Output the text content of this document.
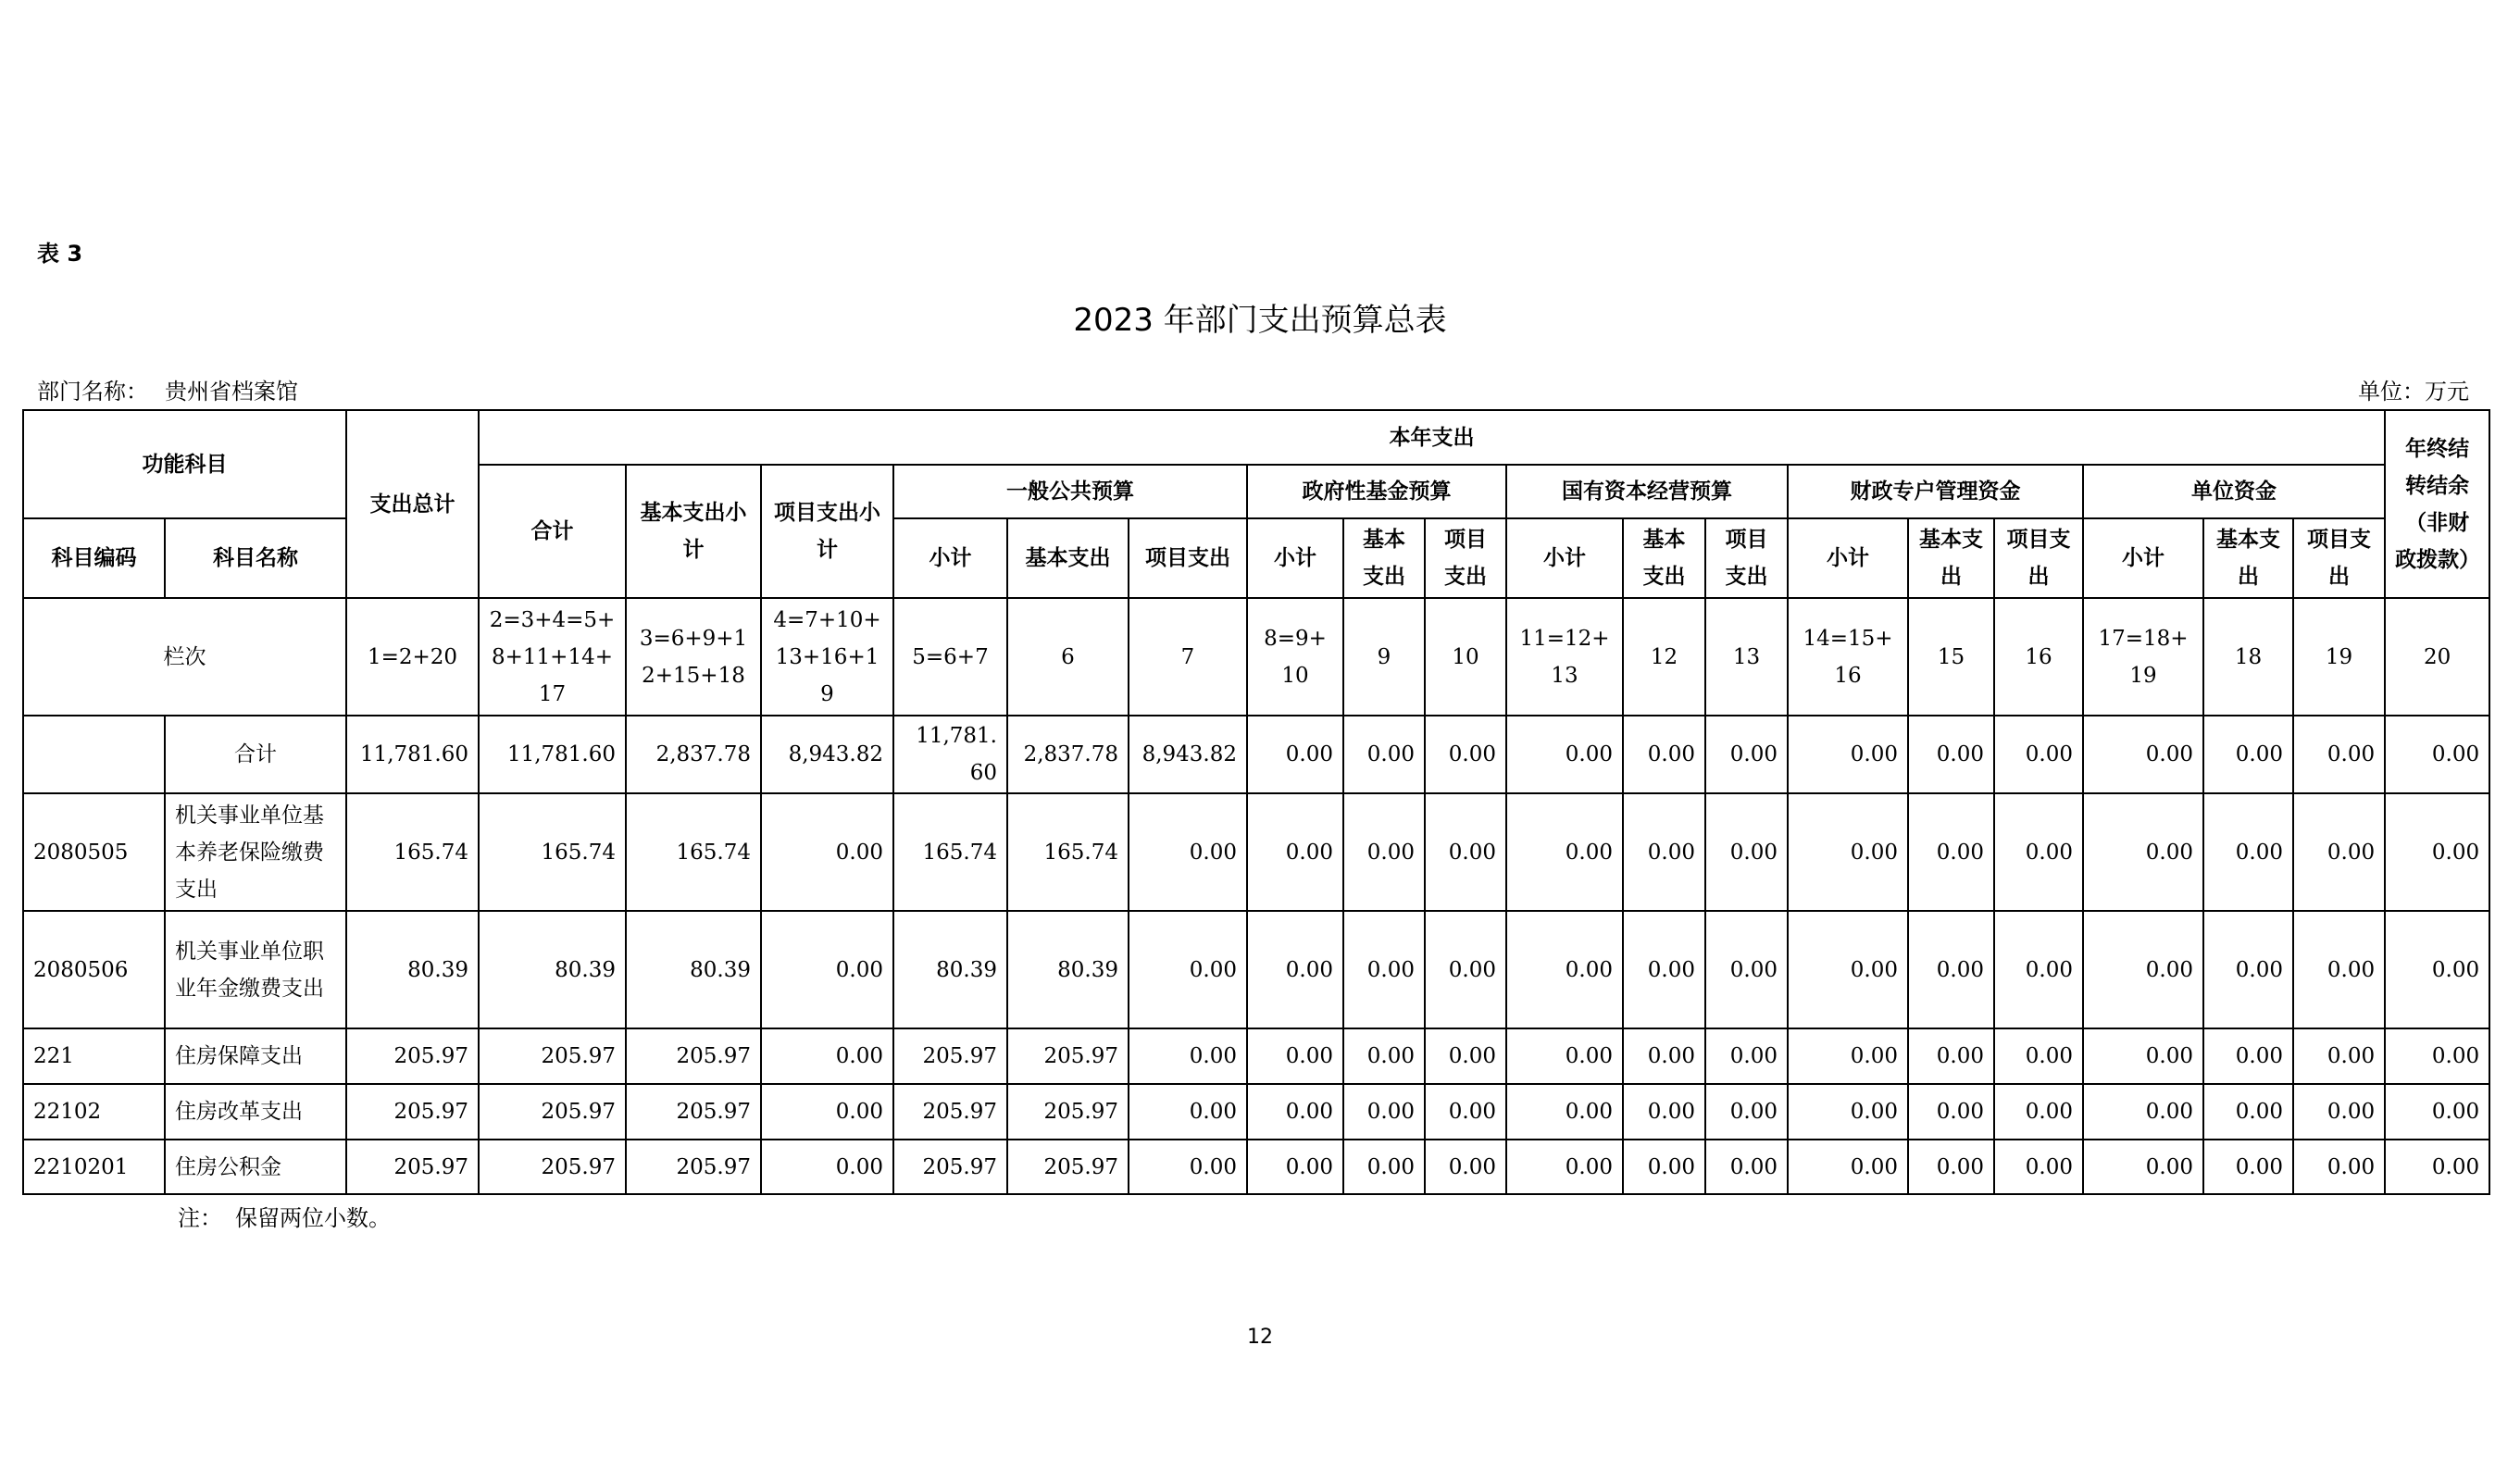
表 3
2023 年部门支出预算总表
部门名称： 贵州省档案馆	单位：万元
功能科目		支出总计	本年支出																		年终结转结余（非财政拨款）
			合计	基本支出小计	项目支出小计	一般公共预算			政府性基金预算			国有资本经营预算			财政专户管理资金			单位资金			
科目编码	科目名称					小计	基本支出	项目支出	小计	基本支出	项目支出	小计	基本支出	项目支出	小计	基本支出	项目支出	小计	基本支出	项目支出	
栏次		1=2+20	2=3+4=5+8+11+14+17	3=6+9+12+15+18	4=7+10+13+16+19	5=6+7	6	7	8=9+10	9	10	11=12+13	12	13	14=15+16	15	16	17=18+19	18	19	20
	合计	11,781.60	11,781.60	2,837.78	8,943.82	11,781.60	2,837.78	8,943.82	0.00	0.00	0.00	0.00	0.00	0.00	0.00	0.00	0.00	0.00	0.00	0.00	0.00
2080505	机关事业单位基本养老保险缴费支出	165.74	165.74	165.74	0.00	165.74	165.74	0.00	0.00	0.00	0.00	0.00	0.00	0.00	0.00	0.00	0.00	0.00	0.00	0.00	0.00
2080506	机关事业单位职业年金缴费支出	80.39	80.39	80.39	0.00	80.39	80.39	0.00	0.00	0.00	0.00	0.00	0.00	0.00	0.00	0.00	0.00	0.00	0.00	0.00	0.00
221	住房保障支出	205.97	205.97	205.97	0.00	205.97	205.97	0.00	0.00	0.00	0.00	0.00	0.00	0.00	0.00	0.00	0.00	0.00	0.00	0.00	0.00
22102	住房改革支出	205.97	205.97	205.97	0.00	205.97	205.97	0.00	0.00	0.00	0.00	0.00	0.00	0.00	0.00	0.00	0.00	0.00	0.00	0.00	0.00
2210201	住房公积金	205.97	205.97	205.97	0.00	205.97	205.97	0.00	0.00	0.00	0.00	0.00	0.00	0.00	0.00	0.00	0.00	0.00	0.00	0.00	0.00
注： 保留两位小数。
12
